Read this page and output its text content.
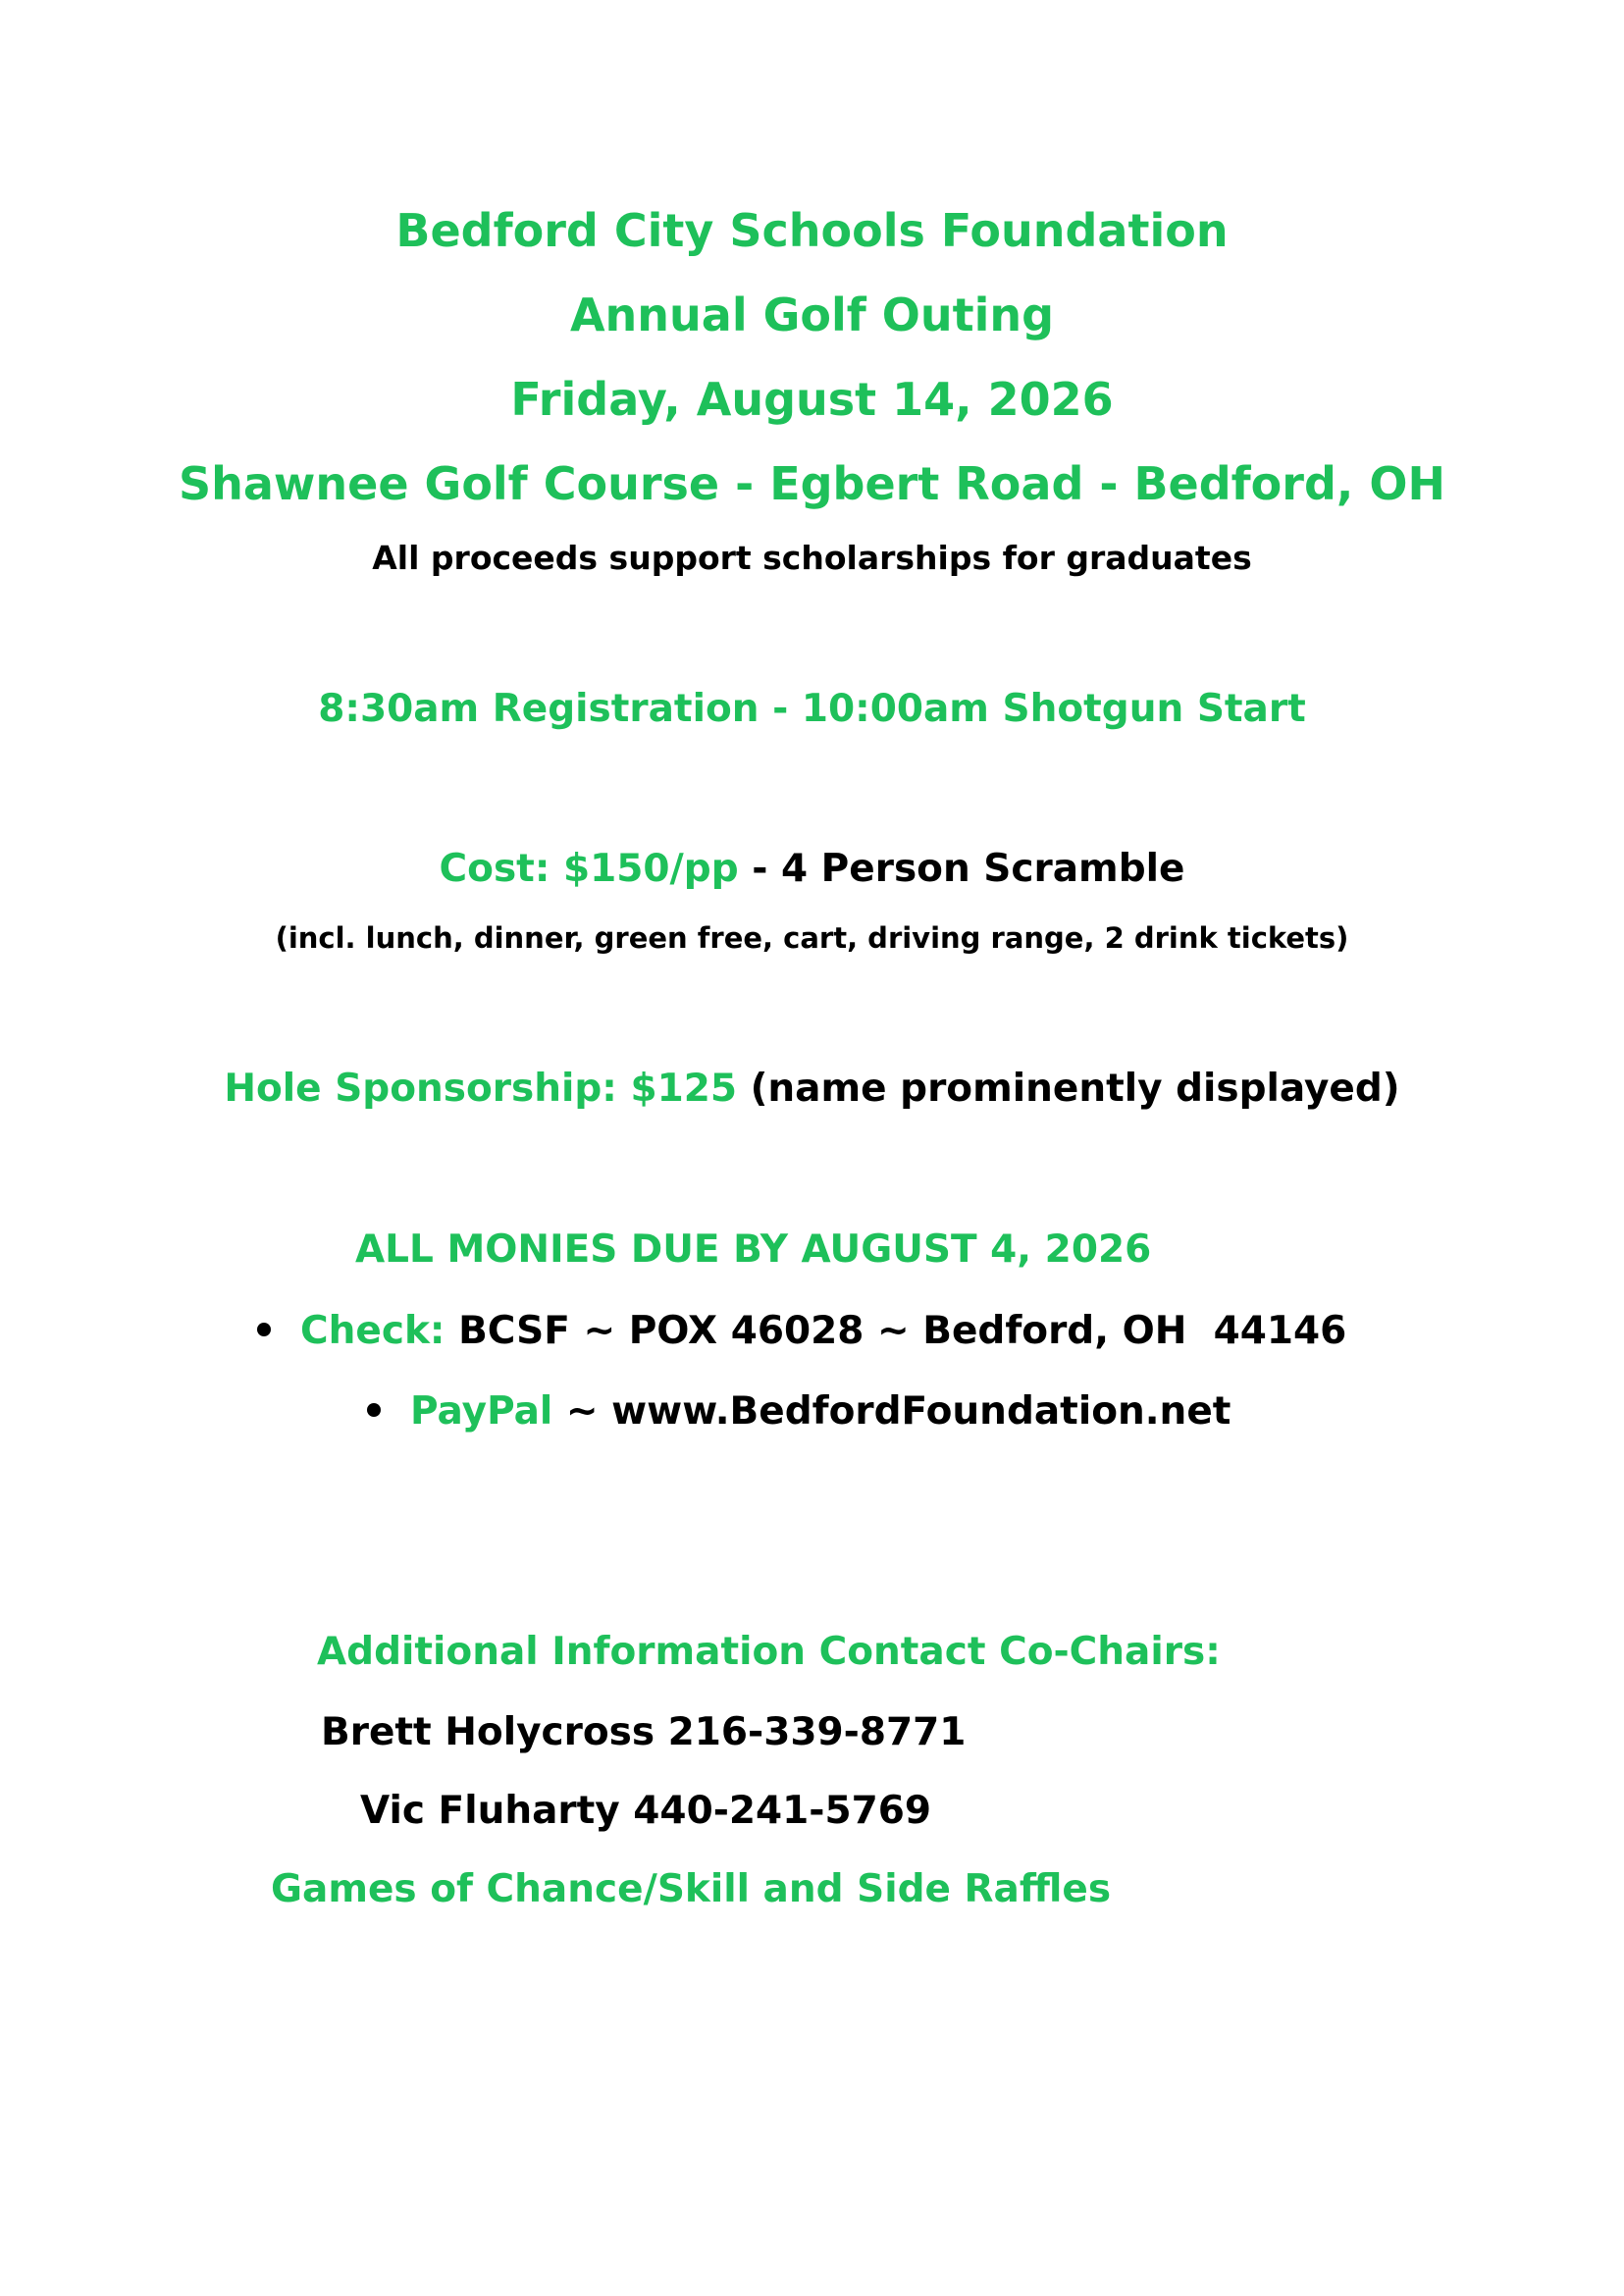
Bedford City Schools Foundation
Annual Golf Outing
Friday, August 14, 2026
Shawnee Golf Course - Egbert Road - Bedford, OH
All proceeds support scholarships for graduates
8:30am Registration - 10:00am Shotgun Start
Cost: $150/pp - 4 Person Scramble
(incl. lunch, dinner, green free, cart, driving range, 2 drink tickets)
Hole Sponsorship: $125 (name prominently displayed)
ALL MONIES DUE BY AUGUST 4, 2026
Check: BCSF ~ POX 46028 ~ Bedford, OH  44146
PayPal ~ www.BedfordFoundation.net
Additional Information Contact Co-Chairs:
Brett Holycross 216-339-8771
Vic Fluharty 440-241-5769
Games of Chance/Skill and Side Raffles
